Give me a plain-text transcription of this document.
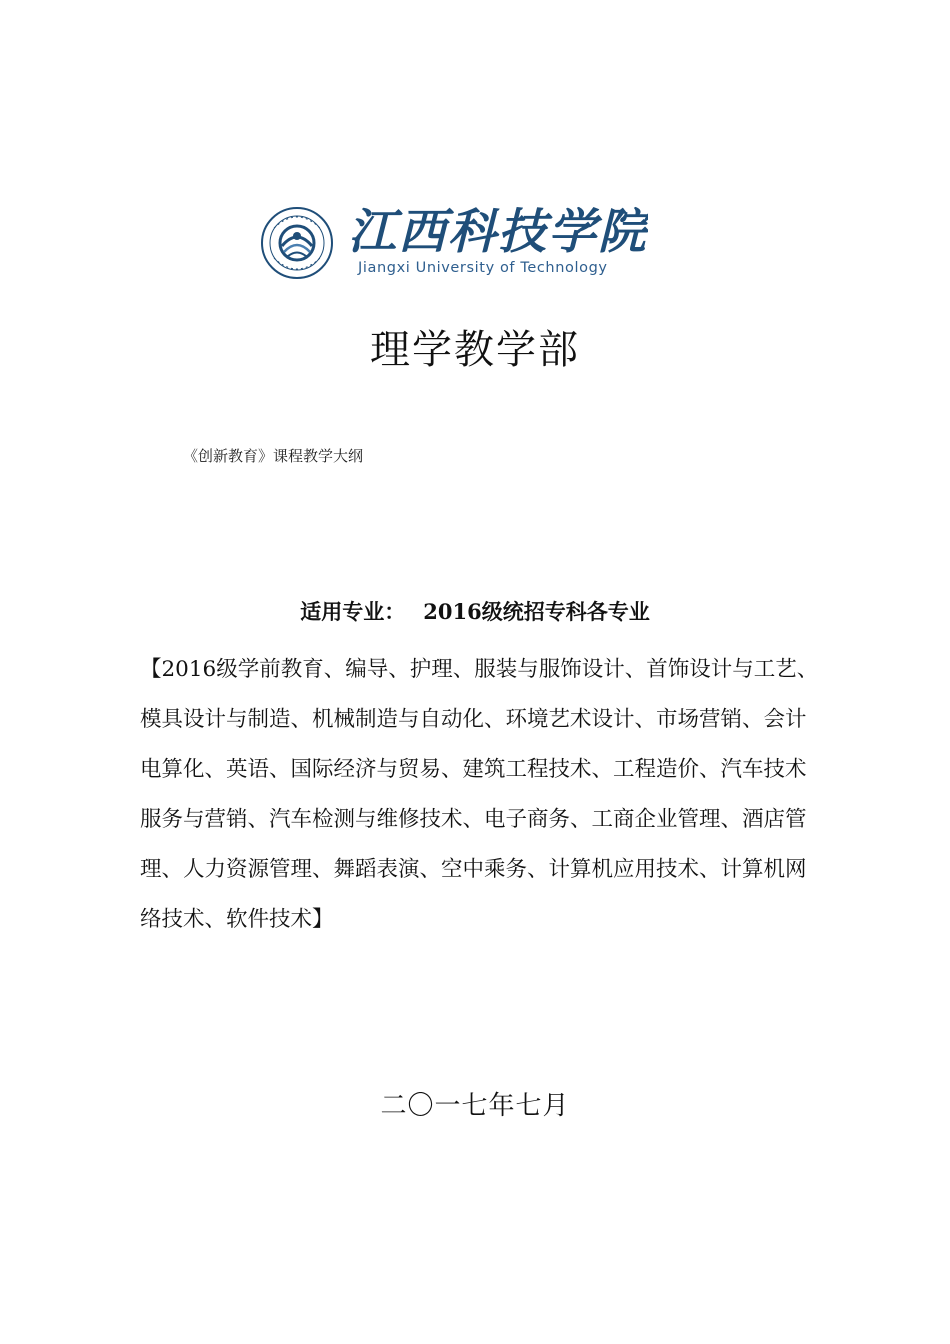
江西科技学院
Jiangxi University of Technology
理学教学部
《创新教育》课程教学大纲
适用专业： 2016级统招专科各专业
【2016级学前教育、编导、护理、服装与服饰设计、首饰设计与工艺、模具设计与制造、机械制造与自动化、环境艺术设计、市场营销、会计电算化、英语、国际经济与贸易、建筑工程技术、工程造价、汽车技术服务与营销、汽车检测与维修技术、电子商务、工商企业管理、酒店管理、人力资源管理、舞蹈表演、空中乘务、计算机应用技术、计算机网络技术、软件技术】
二〇一七年七月
